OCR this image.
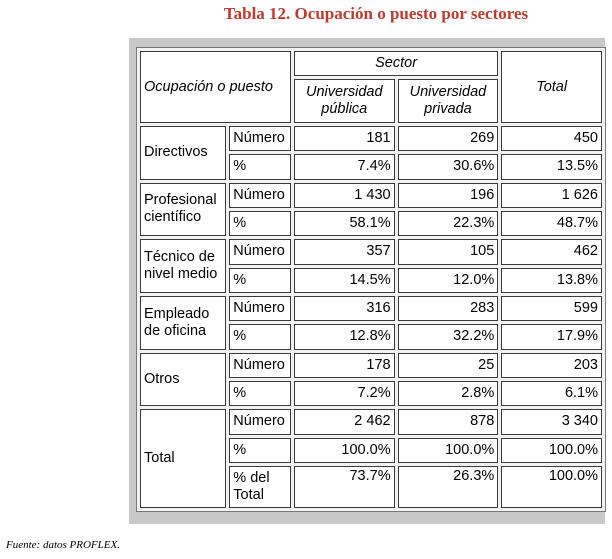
Tabla 12. Ocupación o puesto por sectores
Ocupación o puesto		Sector		Total
		Universidad pública	Universidad privada	
Directivos	Número	181	269	450
	%	7.4%	30.6%	13.5%
Profesional científico	Número	1 430	196	1 626
	%	58.1%	22.3%	48.7%
Técnico de nivel medio	Número	357	105	462
	%	14.5%	12.0%	13.8%
Empleado de oficina	Número	316	283	599
	%	12.8%	32.2%	17.9%
Otros	Número	178	25	203
	%	7.2%	2.8%	6.1%
Total	Número	2 462	878	3 340
	%	100.0%	100.0%	100.0%
	% del Total	73.7%	26.3%	100.0%
Fuente: datos PROFLEX.
